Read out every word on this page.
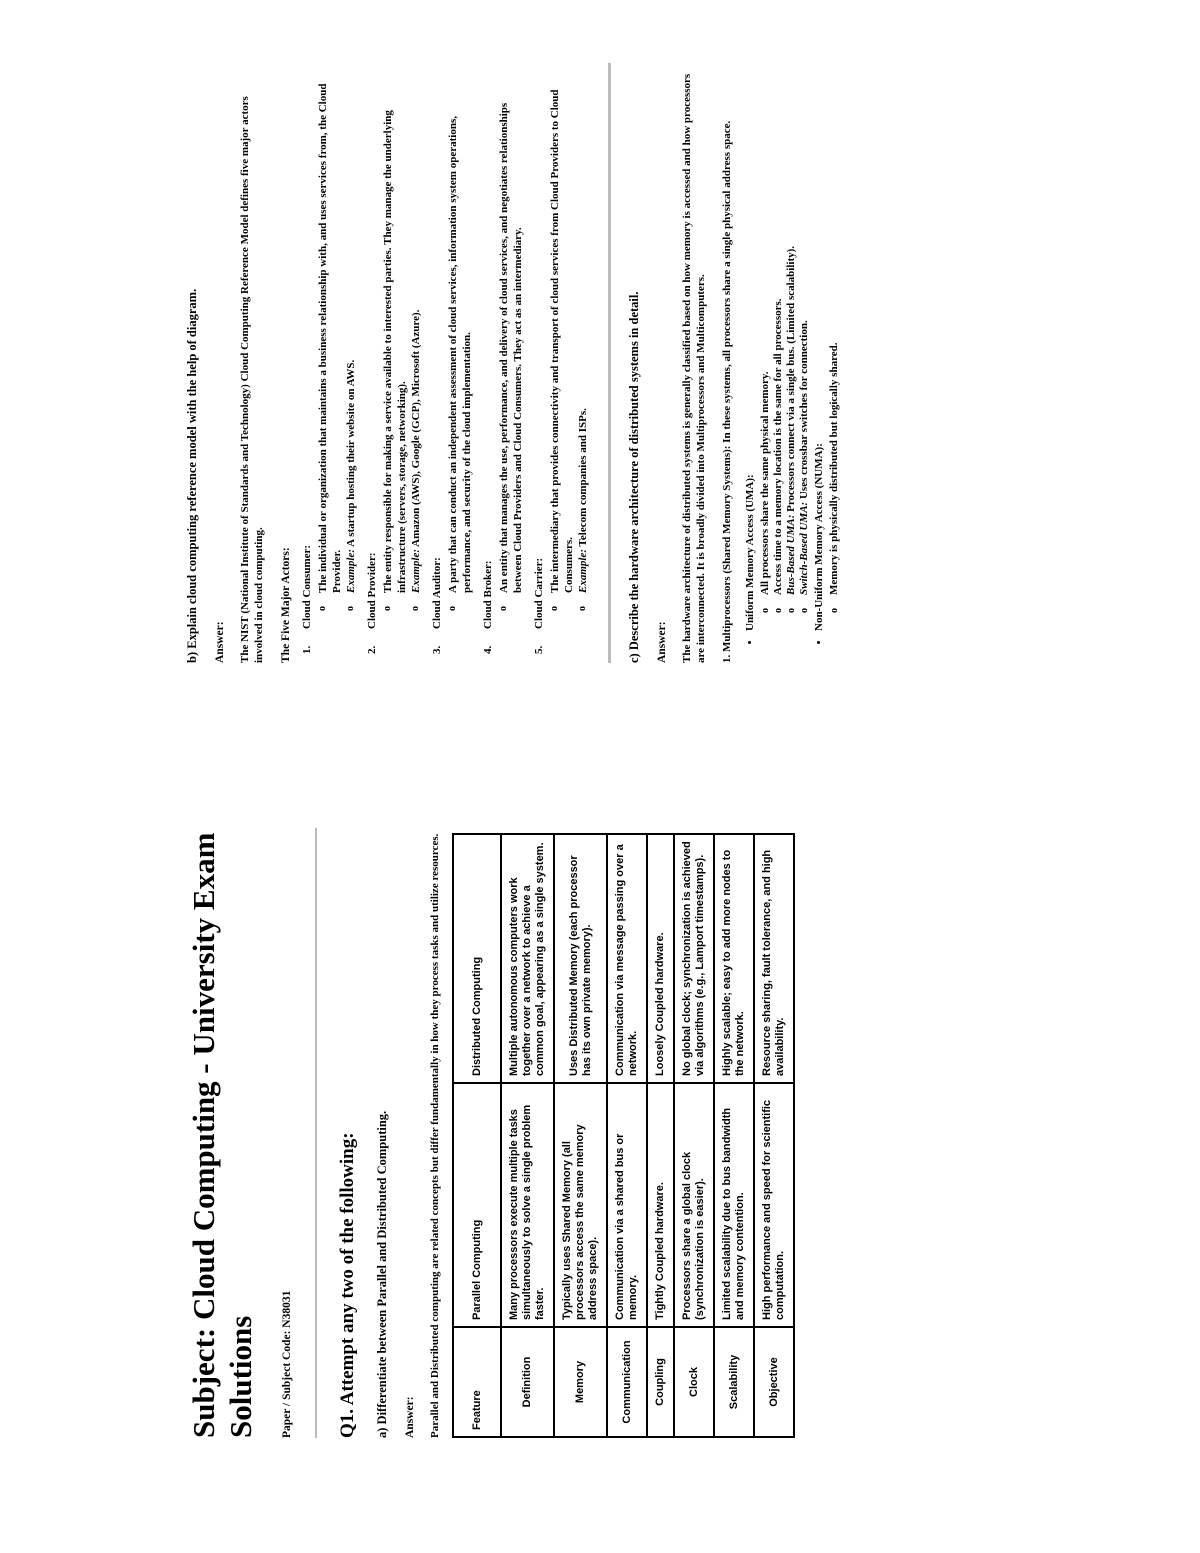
Subject: Cloud Computing - University Exam Solutions Paper / Subject Code: N38031 Q1. Attempt any two of the following: a) Differentiate between Parallel and Distributed Computing. Answer: Parallel and Distributed computing are related concepts but differ fundamentally in how they process tasks and utilize resources.	Feature	Parallel Computing	Distributed Computing
Definition	Many processors execute multiple tasks simultaneously to solve a single problem faster.	Multiple autonomous computers work together over a network to achieve a common goal, appearing as a single system.
Memory	Typically uses Shared Memory (all processors access the same memory address space).	Uses Distributed Memory (each processor has its own private memory).
Communication	Communication via a shared bus or memory.	Communication via message passing over a network.
Coupling	Tightly Coupled hardware.	Loosely Coupled hardware.
Clock	Processors share a global clock (synchronization is easier).	No global clock; synchronization is achieved via algorithms (e.g., Lamport timestamps).
Scalability	Limited scalability due to bus bandwidth and memory contention.	Highly scalable; easy to add more nodes to the network.
Objective	High performance and speed for scientific computation.	Resource sharing, fault tolerance, and high availability.

b) Explain cloud computing reference model with the help of diagram. Answer: The NIST (National Institute of Standards and Technology) Cloud Computing Reference Model defines five major actors involved in cloud computing. The Five Major Actors: 1. Cloud Consumer: o The individual or organization that maintains a business relationship with, and uses services from, the Cloud Provider. o Example: A startup hosting their website on AWS.
2. Cloud Provider: o The entity responsible for making a service available to interested parties. They manage the underlying infrastructure (servers, storage, networking). o Example: Amazon (AWS), Google (GCP), Microsoft (Azure).
3. Cloud Auditor:
o A party that can conduct an independent assessment of cloud services, information system operations, performance, and security of the cloud implementation.
4. Cloud Broker:
o An entity that manages the use, performance, and delivery of cloud services, and negotiates relationships between Cloud Providers and Cloud Consumers. They act as an intermediary.
5. Cloud Carrier:
o The intermediary that provides connectivity and transport of cloud services from Cloud Providers to Cloud Consumers. o Example: Telecom companies and ISPs.	c) Describe the hardware architecture of distributed systems in detail. Answer: The hardware architecture of distributed systems is generally classified based on how memory is accessed and how processors are interconnected. It is broadly divided into Multiprocessors and Multicomputers. 1. Multiprocessors (Shared Memory Systems): In these systems, all processors share a single physical address space. • Uniform Memory Access (UMA): o All processors share the same physical memory. o Access time to a memory location is the same for all processors. o Bus-Based UMA: Processors connect via a single bus. (Limited scalability).
o Switch-Based UMA: Uses crossbar switches for connection.
• Non-Uniform Memory Access (NUMA): o Memory is physically distributed but logically shared.
